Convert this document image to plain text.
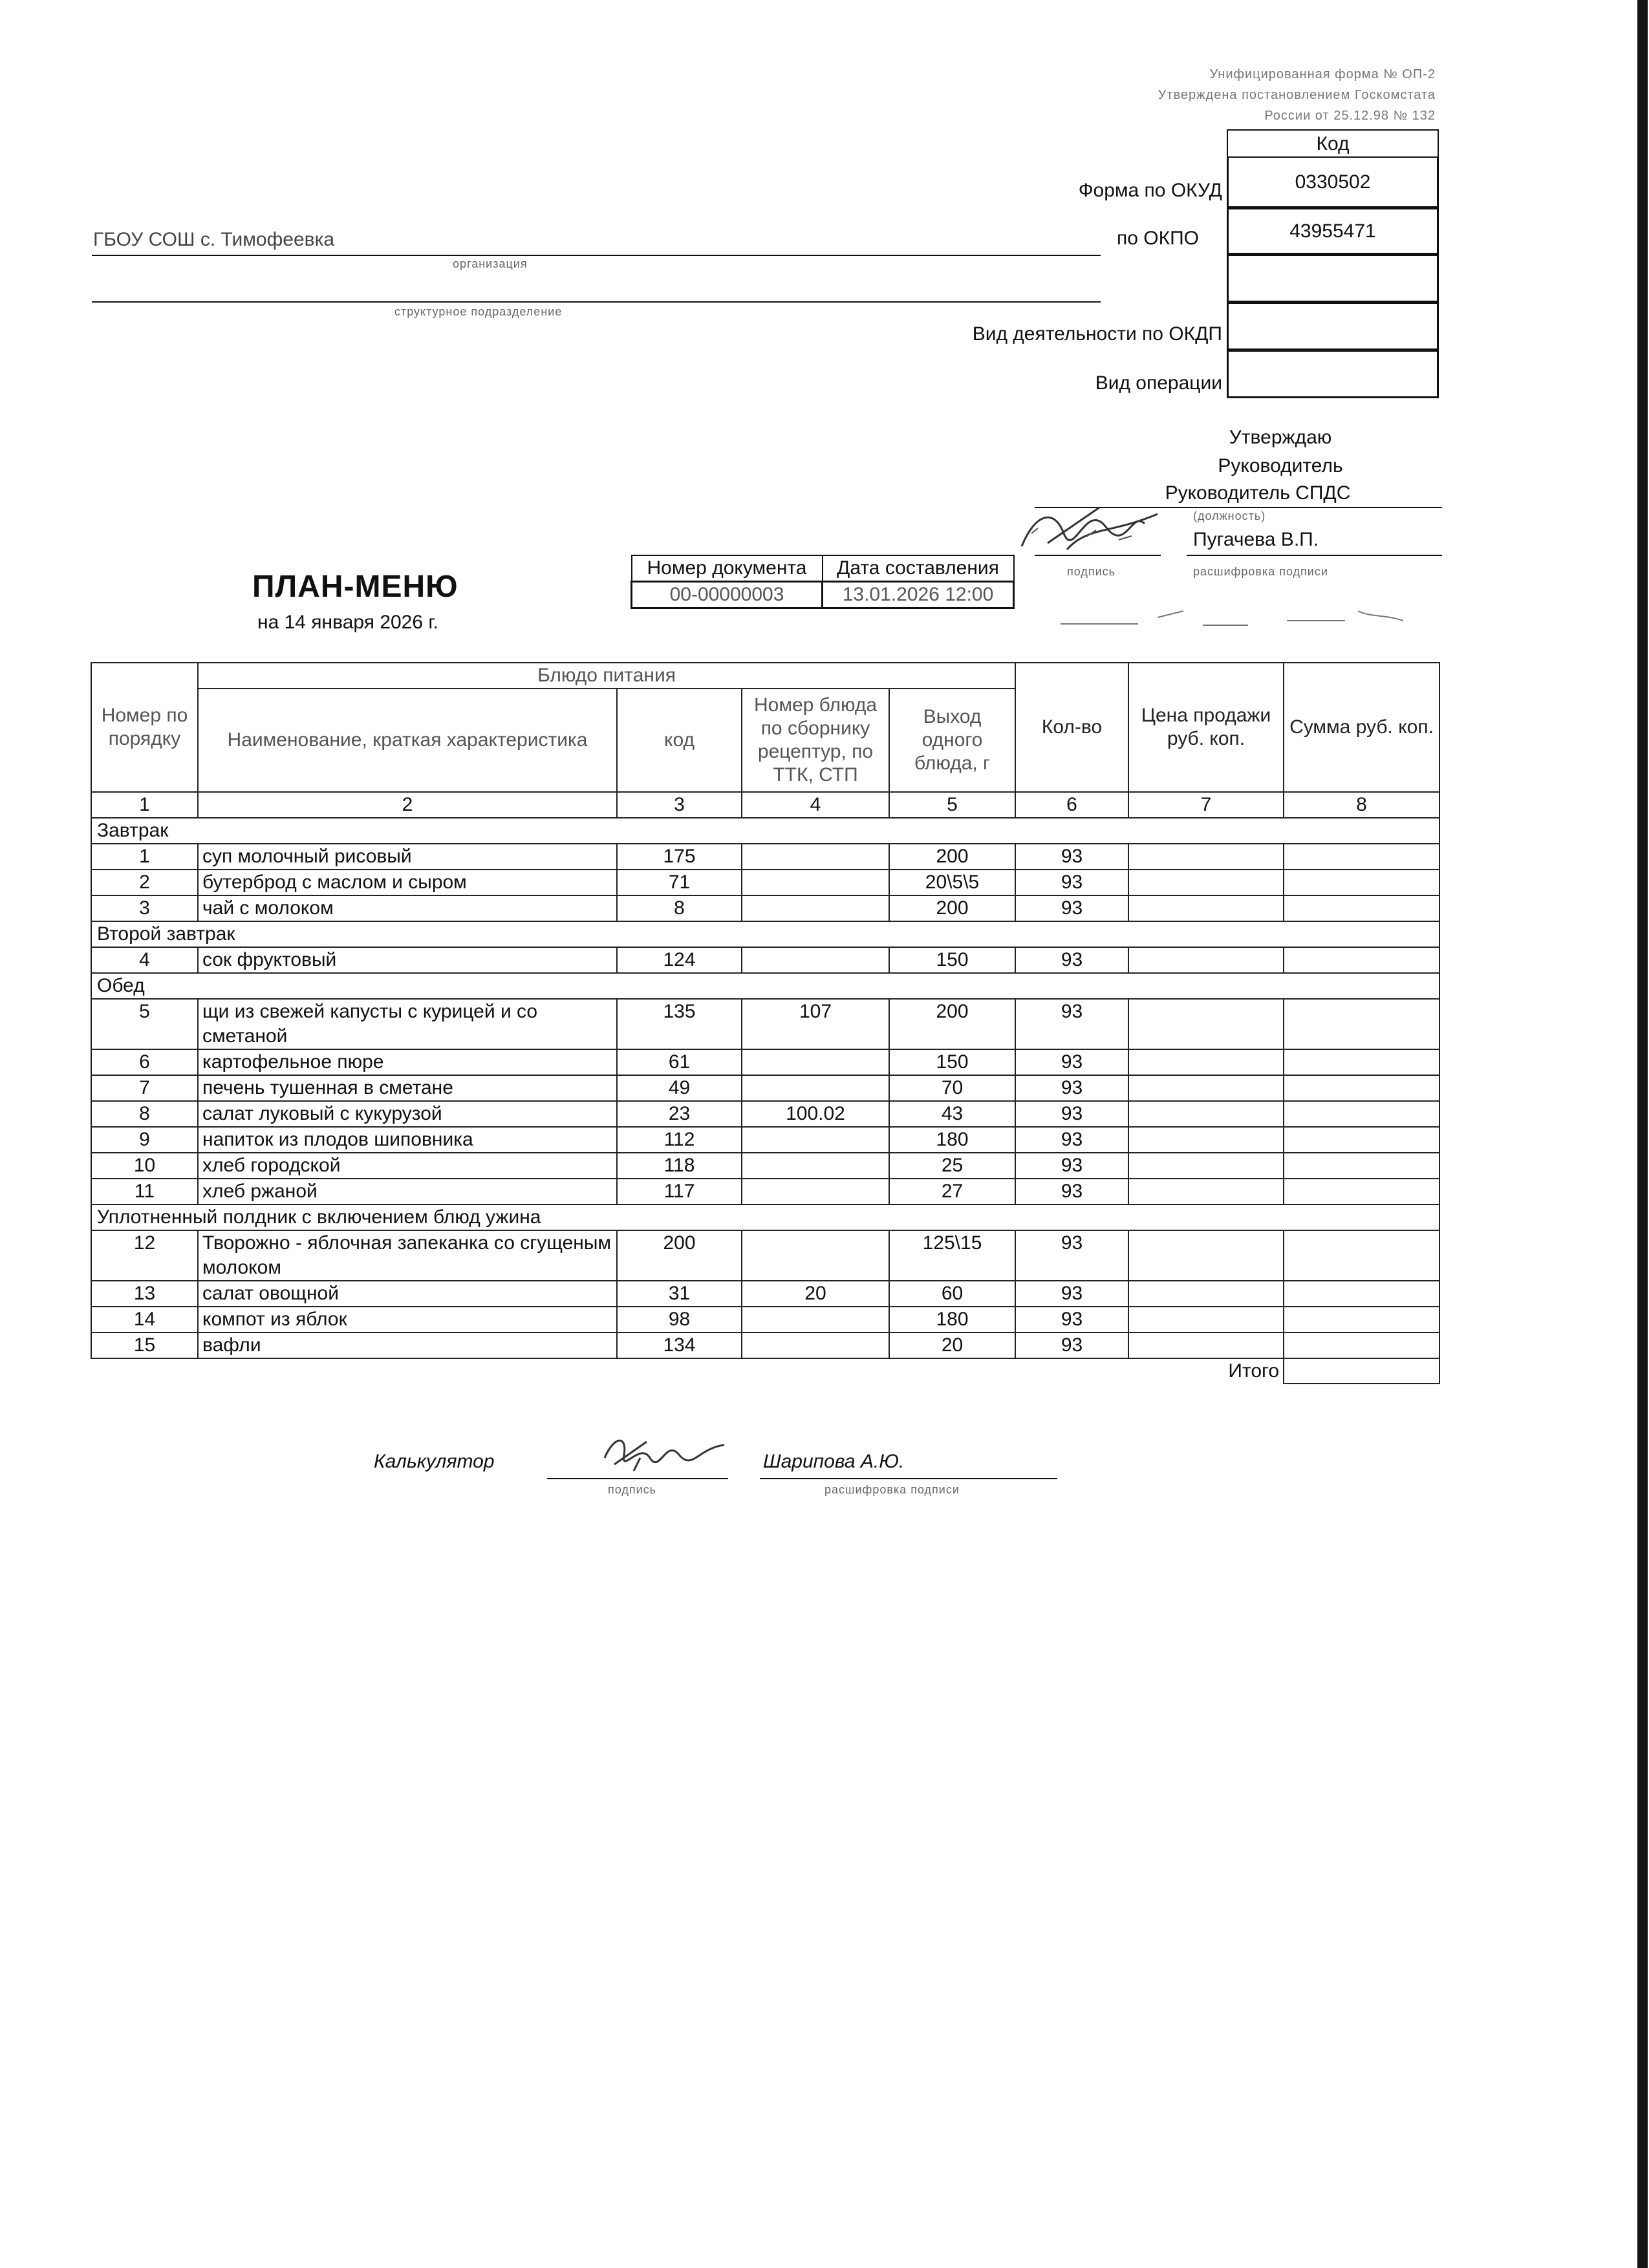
Унифицированная форма № ОП-2
Утверждена постановлением Госкомстата
России от 25.12.98 № 132
Код
0330502
43955471
Форма по ОКУД
по ОКПО
Вид деятельности по ОКДП
Вид операции
ГБОУ СОШ с. Тимофеевка
организация
структурное подразделение
Утверждаю
Руководитель
Руководитель СПДС
(должность)
Пугачева В.П.
подпись	расшифровка подписи
ПЛАН-МЕНЮ
на 14 января 2026 г.
Номер документа	Дата составления
00-00000003	13.01.2026 12:00
Номер по порядку	Блюдо питания				Кол-во	Цена продажи руб. коп.	Сумма руб. коп.
	Наименование, краткая характеристика	код	Номер блюда по сборнику рецептур, по ТТК, СТП	Выход одного блюда, г			
1	2	3	4	5	6	7	8
Завтрак							
1	суп молочный рисовый	175		200	93		
2	бутерброд с маслом и сыром	71		20\5\5	93		
3	чай с молоком	8		200	93		
Второй завтрак							
4	сок фруктовый	124		150	93		
Обед							
5	щи из свежей капусты с курицей и со сметаной	135	107	200	93		
6	картофельное пюре	61		150	93		
7	печень тушенная в сметане	49		70	93		
8	салат луковый с кукурузой	23	100.02	43	93		
9	напиток из плодов шиповника	112		180	93		
10	хлеб городской	118		25	93		
11	хлеб ржаной	117		27	93		
Уплотненный полдник с включением блюд ужина							
12	Творожно - яблочная запеканка со сгущеным молоком	200		125\15	93		
13	салат овощной	31	20	60	93		
14	компот из яблок	98		180	93		
15	вафли	134		20	93		
Итого							
Калькулятор	Шарипова А.Ю.
подпись	расшифровка подписи
